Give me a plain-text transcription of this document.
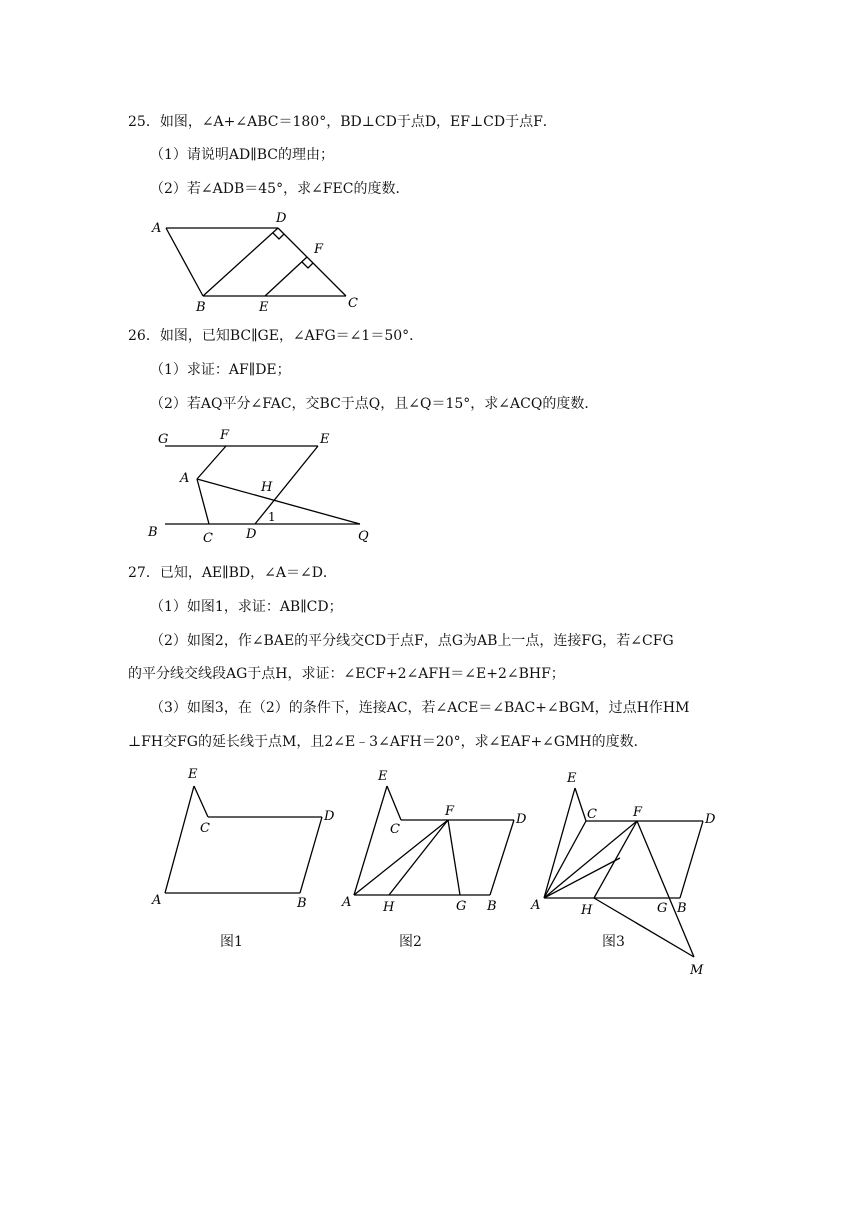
25．如图，∠A+∠ABC＝180°，BD⊥CD于点D，EF⊥CD于点F．
（1）请说明AD∥BC的理由；
（2）若∠ADB＝45°，求∠FEC的度数．
A
D
F
B	E	C
26．如图，已知BC∥GE，∠AFG＝∠1＝50°．
（1）求证：AF∥DE；
（2）若AQ平分∠FAC，交BC于点Q，且∠Q＝15°，求∠ACQ的度数．
G	F	E
A
H
B	C	D
1
Q
27．已知，AE∥BD，∠A＝∠D．
（1）如图1，求证：AB∥CD；
（2）如图2，作∠BAE的平分线交CD于点F，点G为AB上一点，连接FG，若∠CFG
的平分线交线段AG于点H，求证：∠ECF+2∠AFH＝∠E+2∠BHF；
（3）如图3，在（2）的条件下，连接AC，若∠ACE＝∠BAC+∠BGM，过点H作HM
⊥FH交FG的延长线于点M，且2∠E﹣3∠AFH＝20°，求∠EAF+∠GMH的度数．
E
C
D
A	B
E
C
F
D
A H	G B
E
C	F	D
A	H	G B
M
图1	图2	图3
